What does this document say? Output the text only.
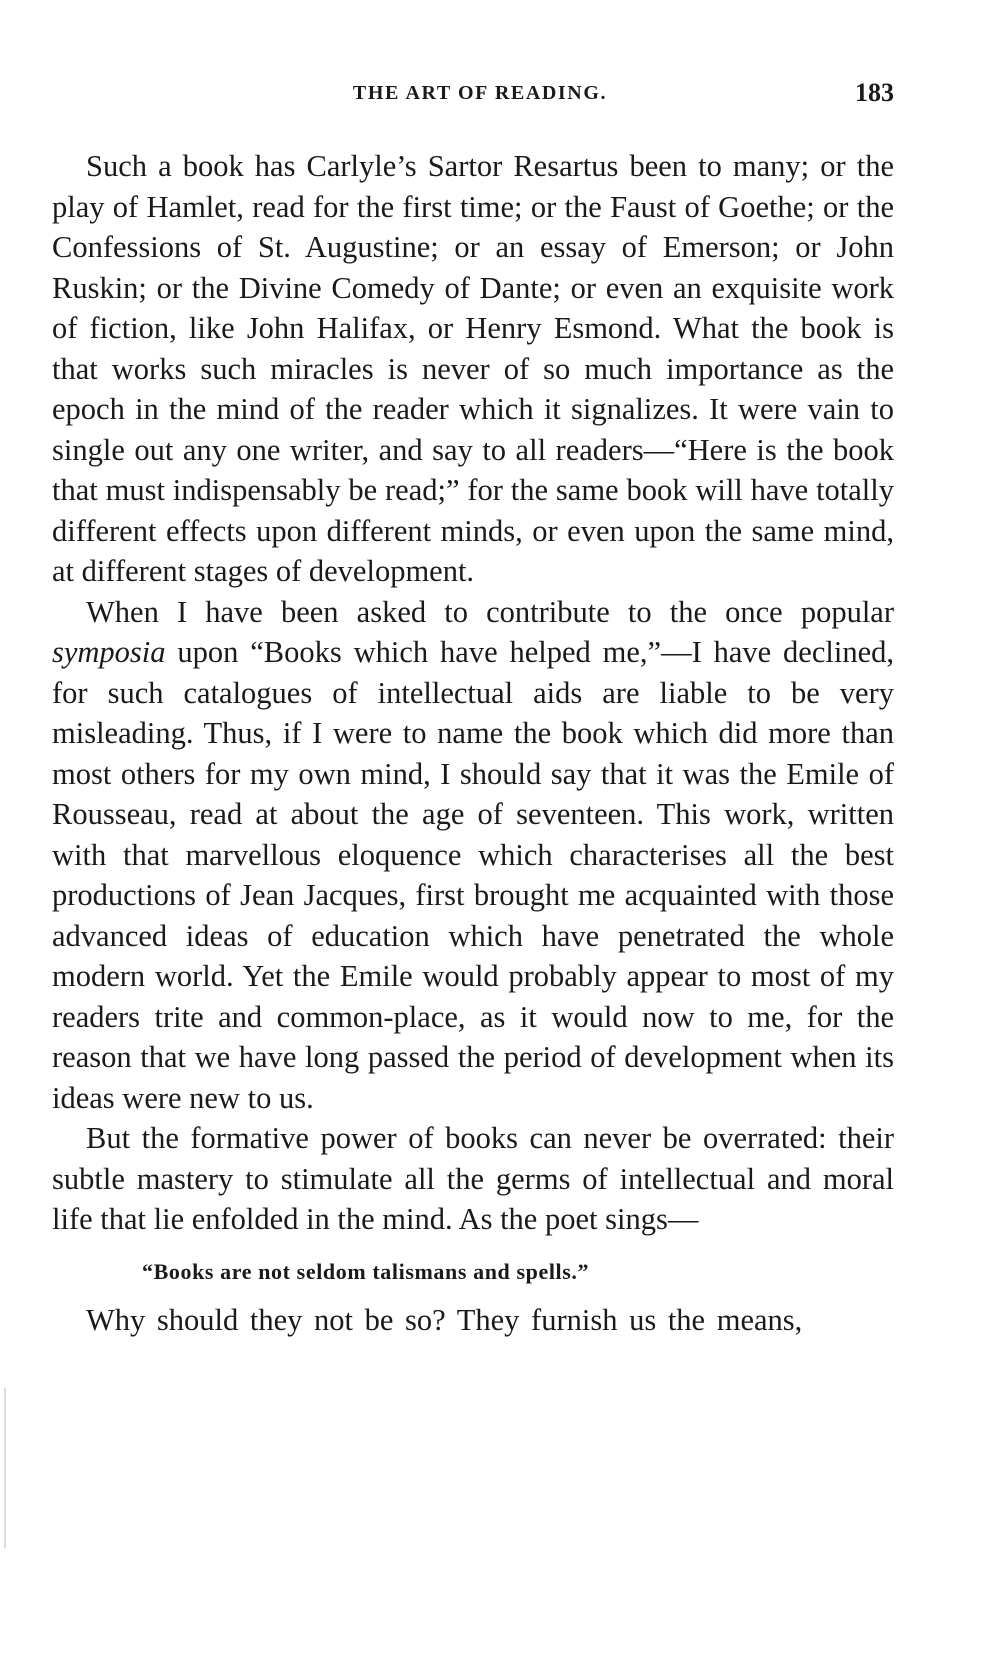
THE ART OF READING.	183

Such a book has Carlyle’s Sartor Resartus been to many; or the play of Hamlet, read for the first time; or the Faust of Goethe; or the Confessions of St. Augustine; or an essay of Emerson; or John Ruskin; or the Divine Comedy of Dante; or even an exquisite work of fiction, like John Halifax, or Henry Esmond. What the book is that works such miracles is never of so much importance as the epoch in the mind of the reader which it signalizes. It were vain to single out any one writer, and say to all readers—“Here is the book that must indispensably be read;” for the same book will have totally different effects upon different minds, or even upon the same mind, at different stages of development.

When I have been asked to contribute to the once popular symposia upon “Books which have helped me,”—I have declined, for such catalogues of intellectual aids are liable to be very misleading. Thus, if I were to name the book which did more than most others for my own mind, I should say that it was the Emile of Rousseau, read at about the age of seventeen. This work, written with that marvellous eloquence which characterises all the best productions of Jean Jacques, first brought me acquainted with those advanced ideas of education which have penetrated the whole modern world. Yet the Emile would probably appear to most of my readers trite and common-place, as it would now to me, for the reason that we have long passed the period of development when its ideas were new to us.

But the formative power of books can never be overrated: their subtle mastery to stimulate all the germs of intellectual and moral life that lie enfolded in the mind. As the poet sings—

“Books are not seldom talismans and spells.”

Why should they not be so? They furnish us the means,
